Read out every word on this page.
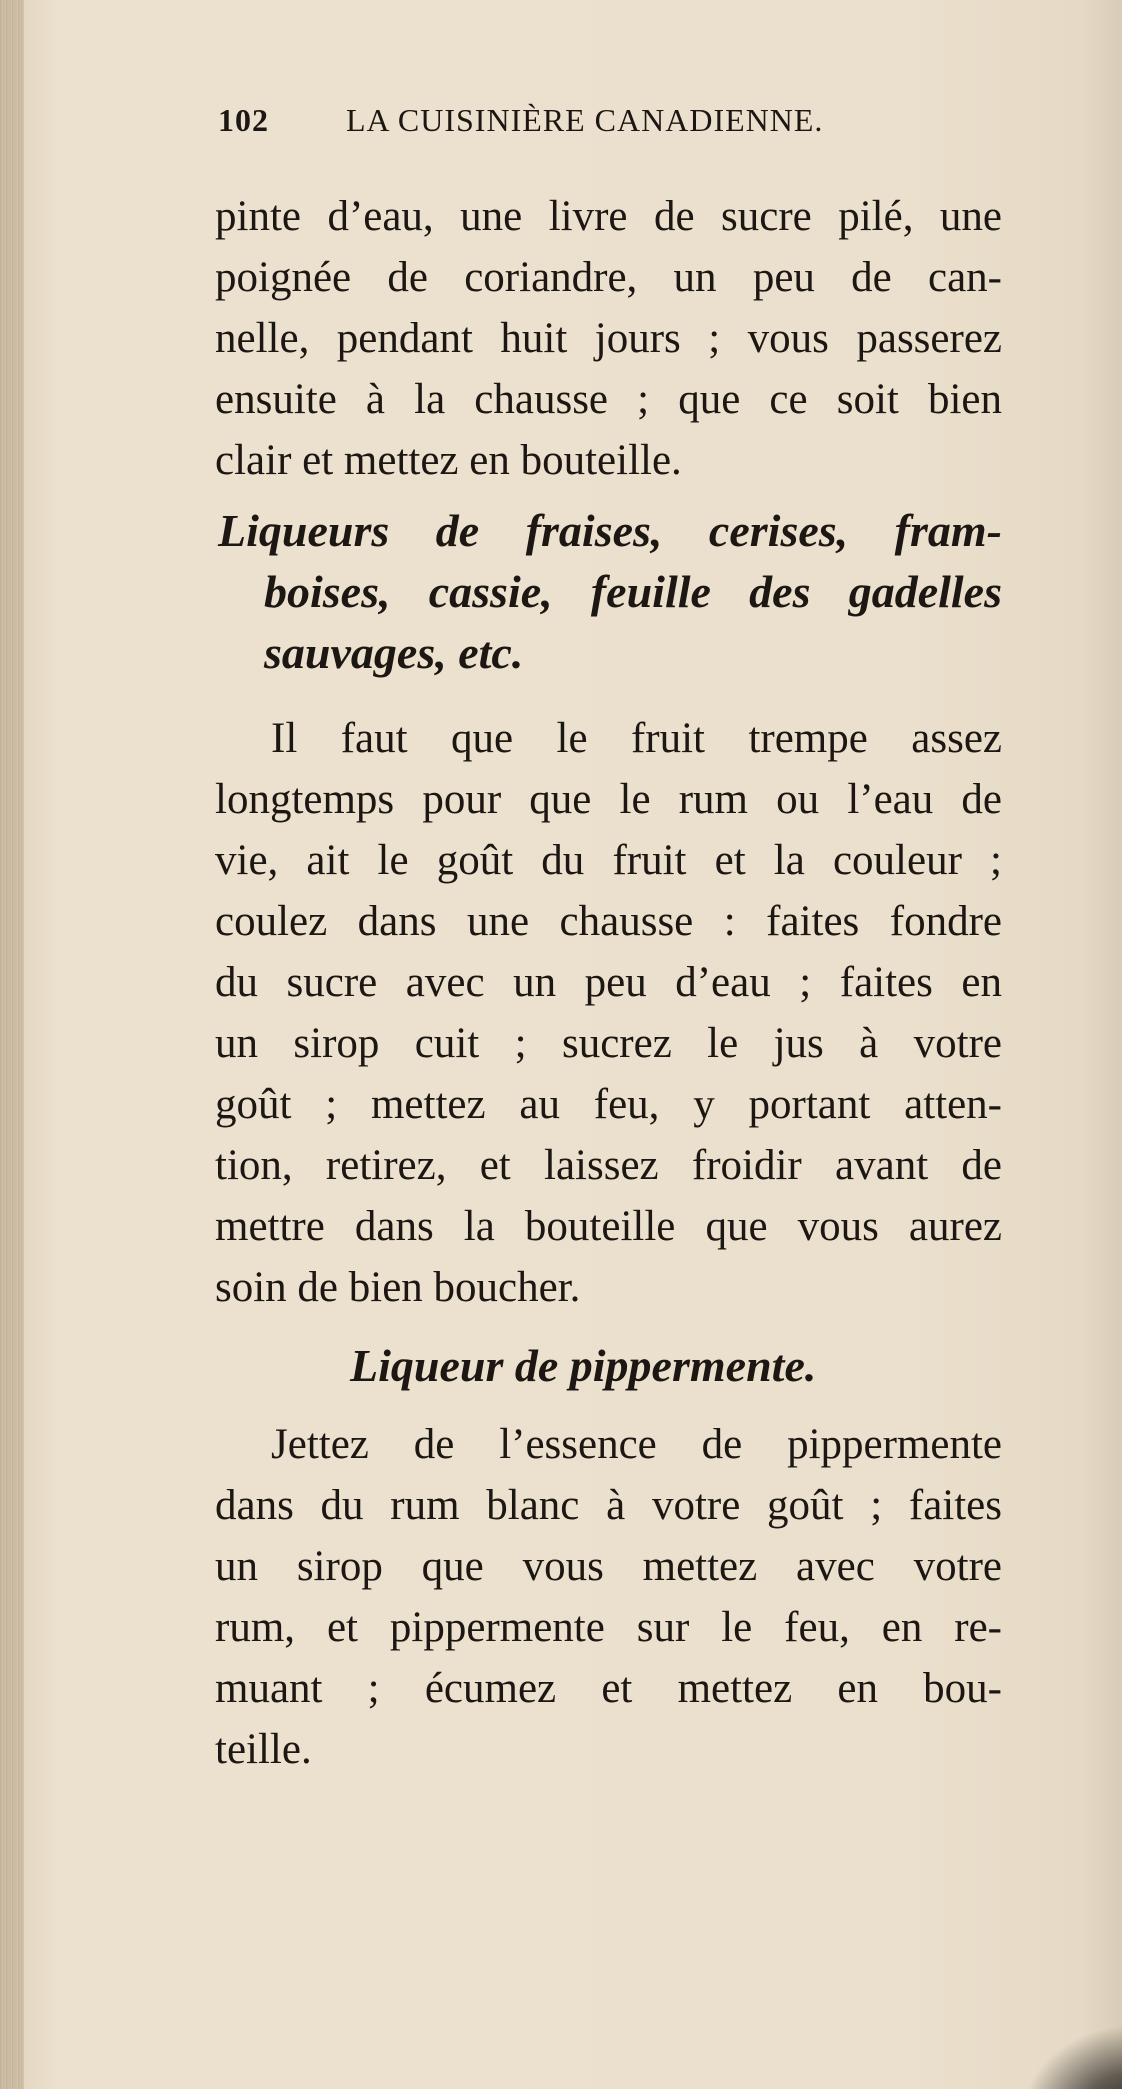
102 LA CUISINIÈRE CANADIENNE.
pinte d’eau, une livre de sucre pilé, une
poignée de coriandre, un peu de can-
nelle, pendant huit jours ; vous passerez
ensuite à la chausse ; que ce soit bien
clair et mettez en bouteille.
Liqueurs de fraises, cerises, fram-
boises, cassie, feuille des gadelles
sauvages, etc.
Il faut que le fruit trempe assez
longtemps pour que le rum ou l’eau de
vie, ait le goût du fruit et la couleur ;
coulez dans une chausse : faites fondre
du sucre avec un peu d’eau ; faites en
un sirop cuit ; sucrez le jus à votre
goût ; mettez au feu, y portant atten-
tion, retirez, et laissez froidir avant de
mettre dans la bouteille que vous aurez
soin de bien boucher.
Liqueur de pippermente.
Jettez de l’essence de pippermente
dans du rum blanc à votre goût ; faites
un sirop que vous mettez avec votre
rum, et pippermente sur le feu, en re-
muant ; écumez et mettez en bou-
teille.
